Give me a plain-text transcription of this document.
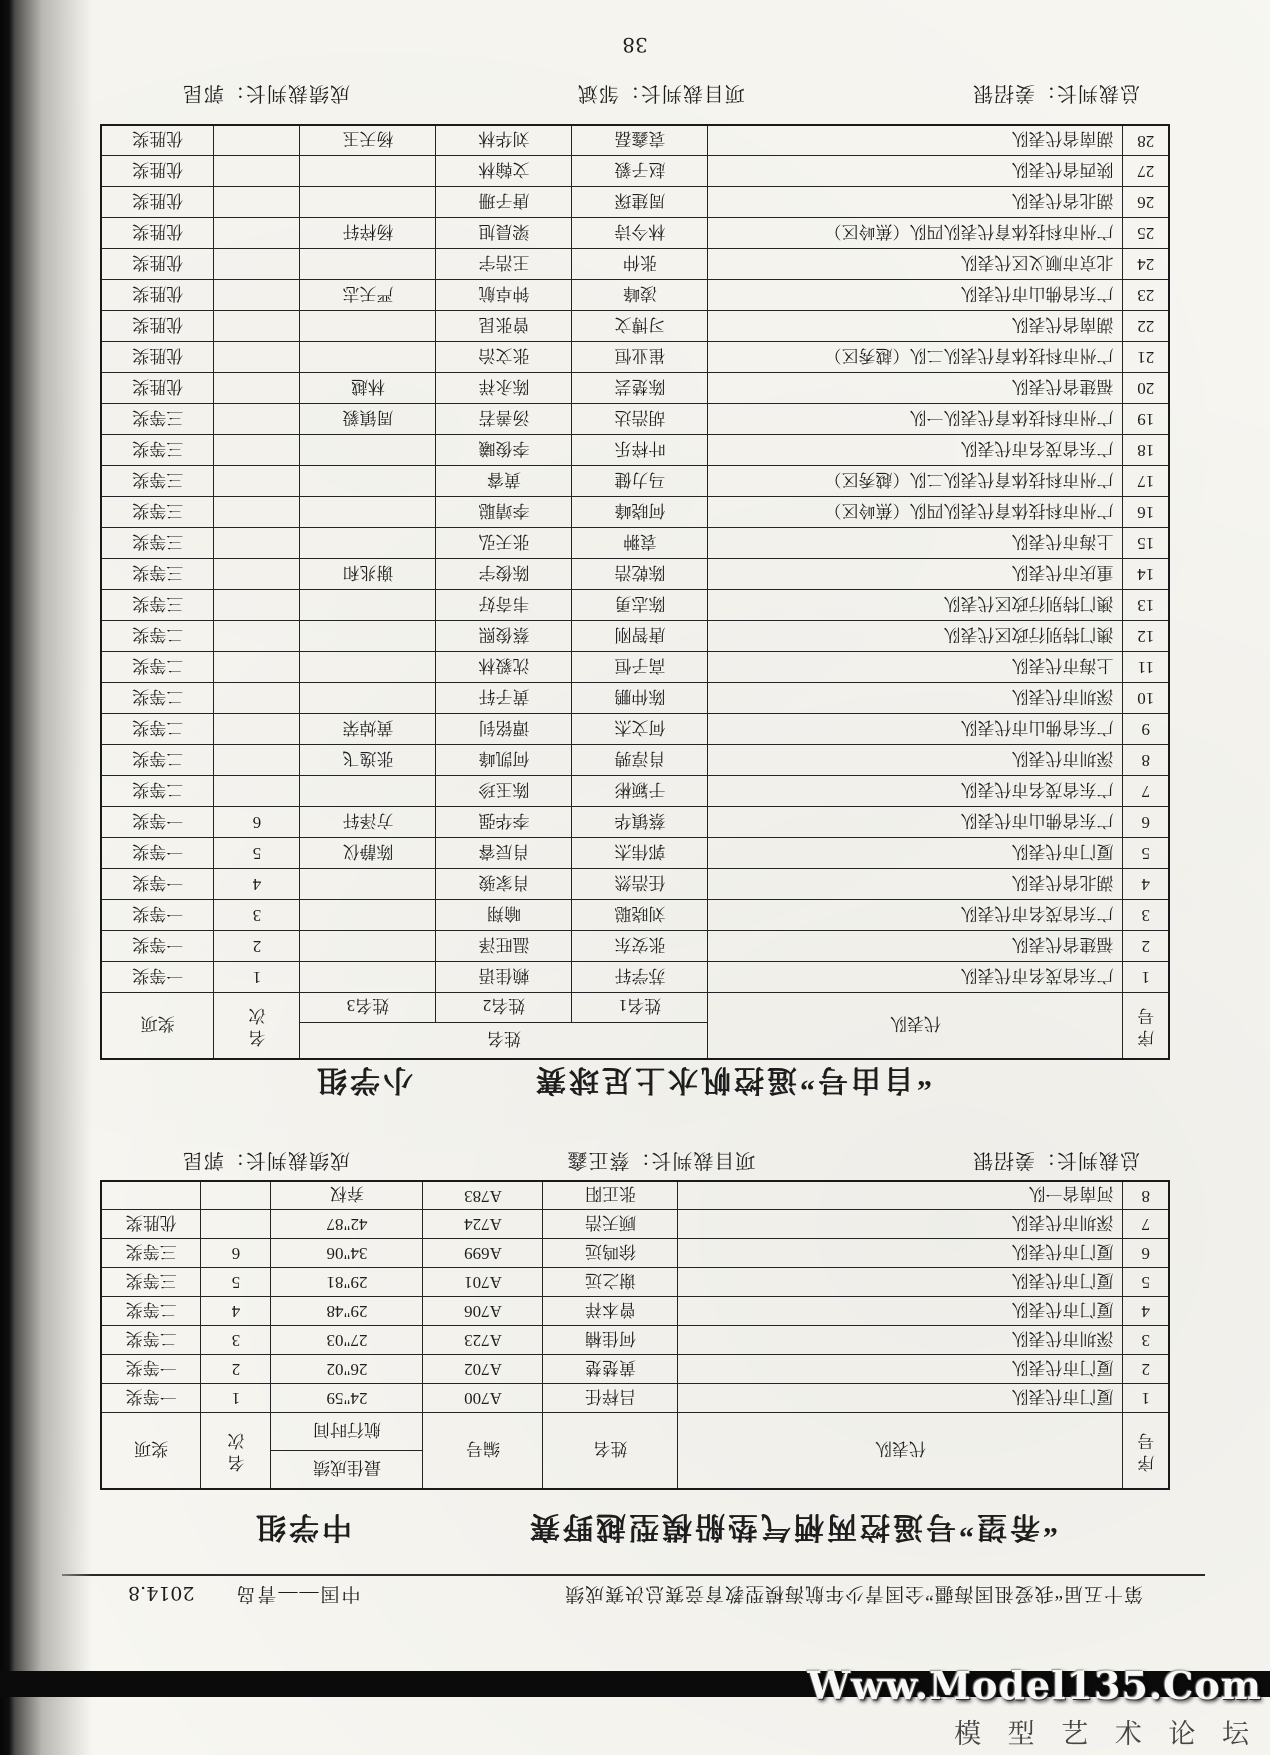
第十五届“我爱祖国海疆”全国青少年航海模型教育竞赛总决赛成绩
中国——青岛
2014.8
“希望”号遥控两栖气垫船模型越野赛
中学组
序号	代表队	姓名	编号	最佳成绩
航行时间	名次	奖项
1	厦门市代表队	吕梓任	A700	24"59	1	一等奖
2	厦门市代表队	黄楚楚	A702	26"02	2	一等奖
3	深圳市代表队	何佳楠	A723	27"03	3	二等奖
4	厦门市代表队	曾本祥	A706	29"48	4	二等奖
5	厦门市代表队	谢之远	A701	29"81	5	三等奖
6	厦门市代表队	徐鸣远	A699	34"06	6	三等奖
7	深圳市代表队	顾天浩	A724	42"87		优胜奖
8	河南省一队	张正阳	A783	弃权		
总裁判长：姜招银
项目裁判长：蔡正鑫
成绩裁判长：郭昆
“自由号”遥控帆水上足球赛
小学组
序号	代表队	姓名			名次	奖项
		姓名1	姓名2	姓名3		
1	广东省茂名市代表队	苏学轩	赖佳语		1	一等奖
2	福建省代表队	张安东	温旺泽		2	一等奖
3	广东省茂名市代表队	刘晓聪	喻翔		3	一等奖
4	湖北省代表队	任浩然	肖家骏		4	一等奖
5	厦门市代表队	郭伟杰	肖辰睿	陈静仪	5	一等奖
6	广东省佛山市代表队	蔡镇华	李华强	方泽轩	6	一等奖
7	广东省茂名市代表队	于颖彬	陈玉珍			二等奖
8	深圳市代表队	肖淳骋	何凯峰	张逸飞		二等奖
9	广东省佛山市代表队	何文杰	谭铭钊	黄焯荣		二等奖
10	深圳市代表队	陈仲鹏	黄子轩			二等奖
11	上海市代表队	高子恒	沈毅林			二等奖
12	澳门特别行政区代表队	唐智刚	蔡俊熙			二等奖
13	澳门特别行政区代表队	陈志勇	韦奇好			三等奖
14	重庆市代表队	陈乾浩	陈俊宇	谢兆和		三等奖
15	上海市代表队	袁翀	张天弘			三等奖
16	广州市科技体育代表队四队（蕉岭区）	何晓峰	李靖聪			三等奖
17	广州市科技体育代表队二队（越秀区）	马力健	黄睿			三等奖
18	广东省茂名市代表队	叶梓乐	李俊曦			三等奖
19	广州市科技体育代表队一队	胡浩达	汤善若	周镇毅		三等奖
20	福建省代表队	陈楚芸	陈永祥	林越		优胜奖
21	广州市科技体育代表队二队（越秀区）	崔业恒	张文治			优胜奖
22	湖南省代表队	习博文	曾张昆			优胜奖
23	广东省佛山市代表队	凌峰	钟卓航	严天志		优胜奖
24	北京市顺义区代表队	张仲	王浩宇			优胜奖
25	广州市科技体育代表队四队（蕉岭区）	林今诗	梁晨旭	杨梓轩		优胜奖
26	湖北省代表队	周建琛	唐子珊			优胜奖
27	陕西省代表队	赵子毅	文翰林			优胜奖
28	湖南省代表队	袁鑫磊	刘华林	杨天玉		优胜奖
总裁判长：姜招银
项目裁判长：邹斌
成绩裁判长：郭昆
38
Www.Model135.Com
模 型 艺 术 论 坛
